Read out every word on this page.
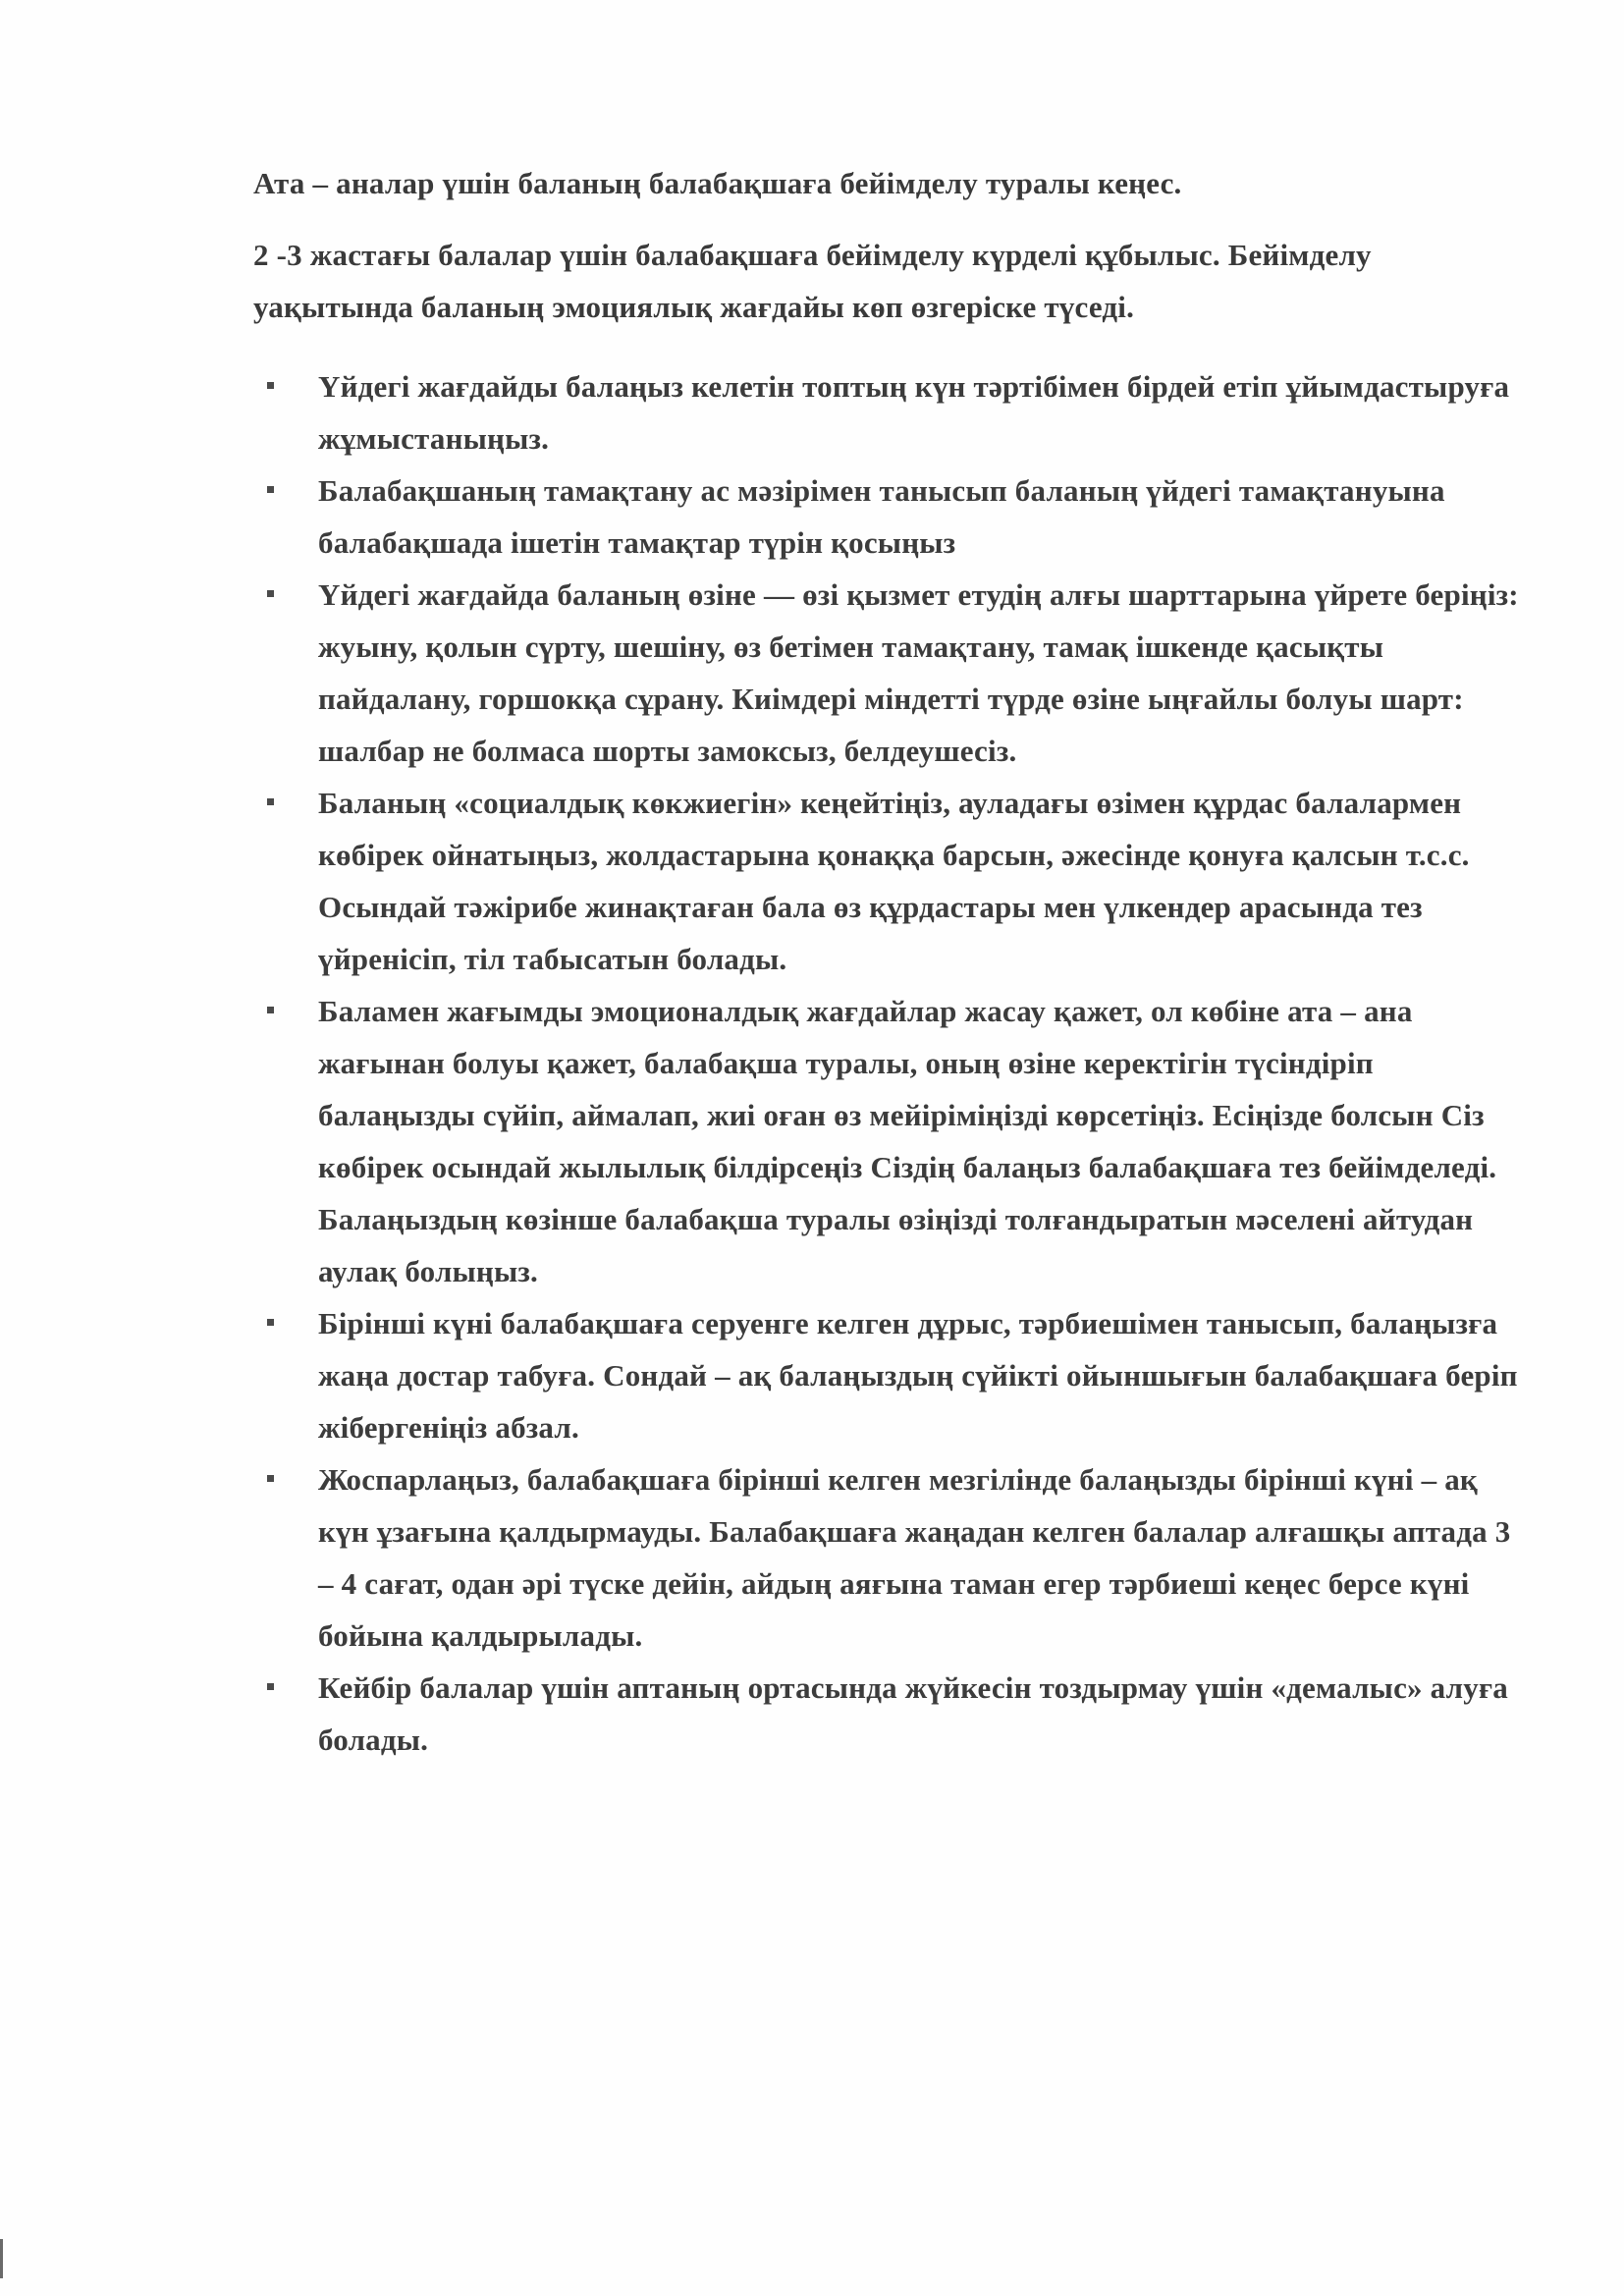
Ата – аналар үшін баланың балабақшаға бейімделу туралы кеңес.

2 -3 жастағы балалар үшін балабақшаға бейімделу күрделі құбылыс. Бейімделу уақытында баланың эмоциялық жағдайы көп өзгеріске түседі.

Үйдегі жағдайды балаңыз келетін топтың күн тәртібімен бірдей етіп ұйымдастыруға жұмыстаныңыз.
Балабақшаның тамақтану ас мәзірімен танысып баланың үйдегі тамақтануына балабақшада ішетін тамақтар түрін қосыңыз
Үйдегі жағдайда баланың өзіне — өзі қызмет етудің алғы шарттарына үйрете беріңіз: жуыну, қолын сүрту, шешіну, өз бетімен тамақтану, тамақ ішкенде қасықты пайдалану, горшокқа сұрану. Киімдері міндетті түрде өзіне ыңғайлы болуы шарт: шалбар не болмаса шорты замоксыз, белдеушесіз.
Баланың «социалдық көкжиегін» кеңейтіңіз, ауладағы өзімен құрдас балалармен көбірек ойнатыңыз, жолдастарына қонаққа барсын, әжесінде қонуға қалсын т.с.с. Осындай тәжірибе жинақтаған бала өз құрдастары мен үлкендер арасында тез үйреніcіп, тіл табысатын болады.
Баламен жағымды эмоционалдық жағдайлар жасау қажет, ол көбіне ата – ана жағынан болуы қажет, балабақша туралы, оның өзіне керектігін түсіндіріп балаңызды сүйіп, аймалап, жиі оған өз мейіріміңізді көрсетіңіз. Есіңізде болсын Сіз көбірек осындай жылылық білдірсеңіз Сіздің балаңыз балабақшаға тез бейімделеді. Балаңыздың көзінше балабақша туралы өзіңізді толғандыратын мәселені айтудан аулақ болыңыз.
Бірінші күні балабақшаға серуенге келген дұрыс, тәрбиешімен танысып, балаңызға жаңа достар табуға. Сондай – ақ балаңыздың сүйікті ойыншығын балабақшаға беріп жібергеніңіз абзал.
Жоспарлаңыз, балабақшаға бірінші келген мезгілінде балаңызды бірінші күні – ақ күн ұзағына қалдырмауды. Балабақшаға жаңадан келген балалар алғашқы аптада 3 – 4 сағат, одан әрі түске дейін, айдың аяғына таман егер тәрбиеші кеңес берсе күні бойына қалдырылады.
Кейбір балалар үшін аптаның ортасында жүйкесін тоздырмау үшін «демалыс» алуға болады.
